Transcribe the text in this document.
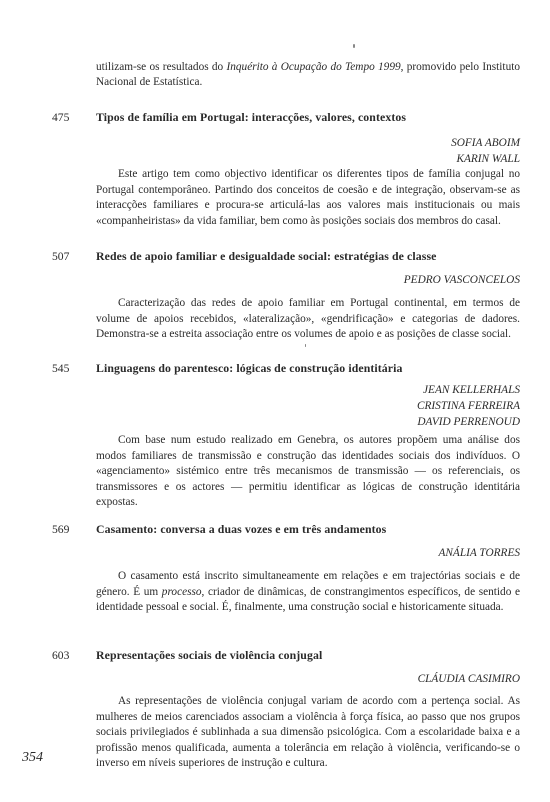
utilizam-se os resultados do Inquérito à Ocupação do Tempo 1999, promovido pelo Instituto Nacional de Estatística.

475 Tipos de família em Portugal: interacções, valores, contextos
SOFIA ABOIM
KARIN WALL

Este artigo tem como objectivo identificar os diferentes tipos de família conjugal no Portugal contemporâneo. Partindo dos conceitos de coesão e de integração, observam-se as interacções familiares e procura-se articulá-las aos valores mais institucionais ou mais «companheiristas» da vida familiar, bem como às posições sociais dos membros do casal.

507 Redes de apoio familiar e desigualdade social: estratégias de classe
PEDRO VASCONCELOS

Caracterização das redes de apoio familiar em Portugal continental, em termos de volume de apoios recebidos, «lateralização», «gendrificação» e categorias de dadores. Demonstra-se a estreita associação entre os volumes de apoio e as posições de classe social.

545 Linguagens do parentesco: lógicas de construção identitária
JEAN KELLERHALS
CRISTINA FERREIRA
DAVID PERRENOUD

Com base num estudo realizado em Genebra, os autores propõem uma análise dos modos familiares de transmissão e construção das identidades sociais dos indivíduos. O «agenciamento» sistémico entre três mecanismos de transmissão — os referenciais, os transmissores e os actores — permitiu identificar as lógicas de construção identitária expostas.

569 Casamento: conversa a duas vozes e em três andamentos
ANÁLIA TORRES

O casamento está inscrito simultaneamente em relações e em trajectórias sociais e de género. É um processo, criador de dinâmicas, de constrangimentos específicos, de sentido e identidade pessoal e social. É, finalmente, uma construção social e historicamente situada.

603 Representações sociais de violência conjugal
CLÁUDIA CASIMIRO

As representações de violência conjugal variam de acordo com a pertença social. As mulheres de meios carenciados associam a violência à força física, ao passo que nos grupos sociais privilegiados é sublinhada a sua dimensão psicológica. Com a escolaridade baixa e a profissão menos qualificada, aumenta a tolerância em relação à violência, verificando-se o inverso em níveis superiores de instrução e cultura.

354
